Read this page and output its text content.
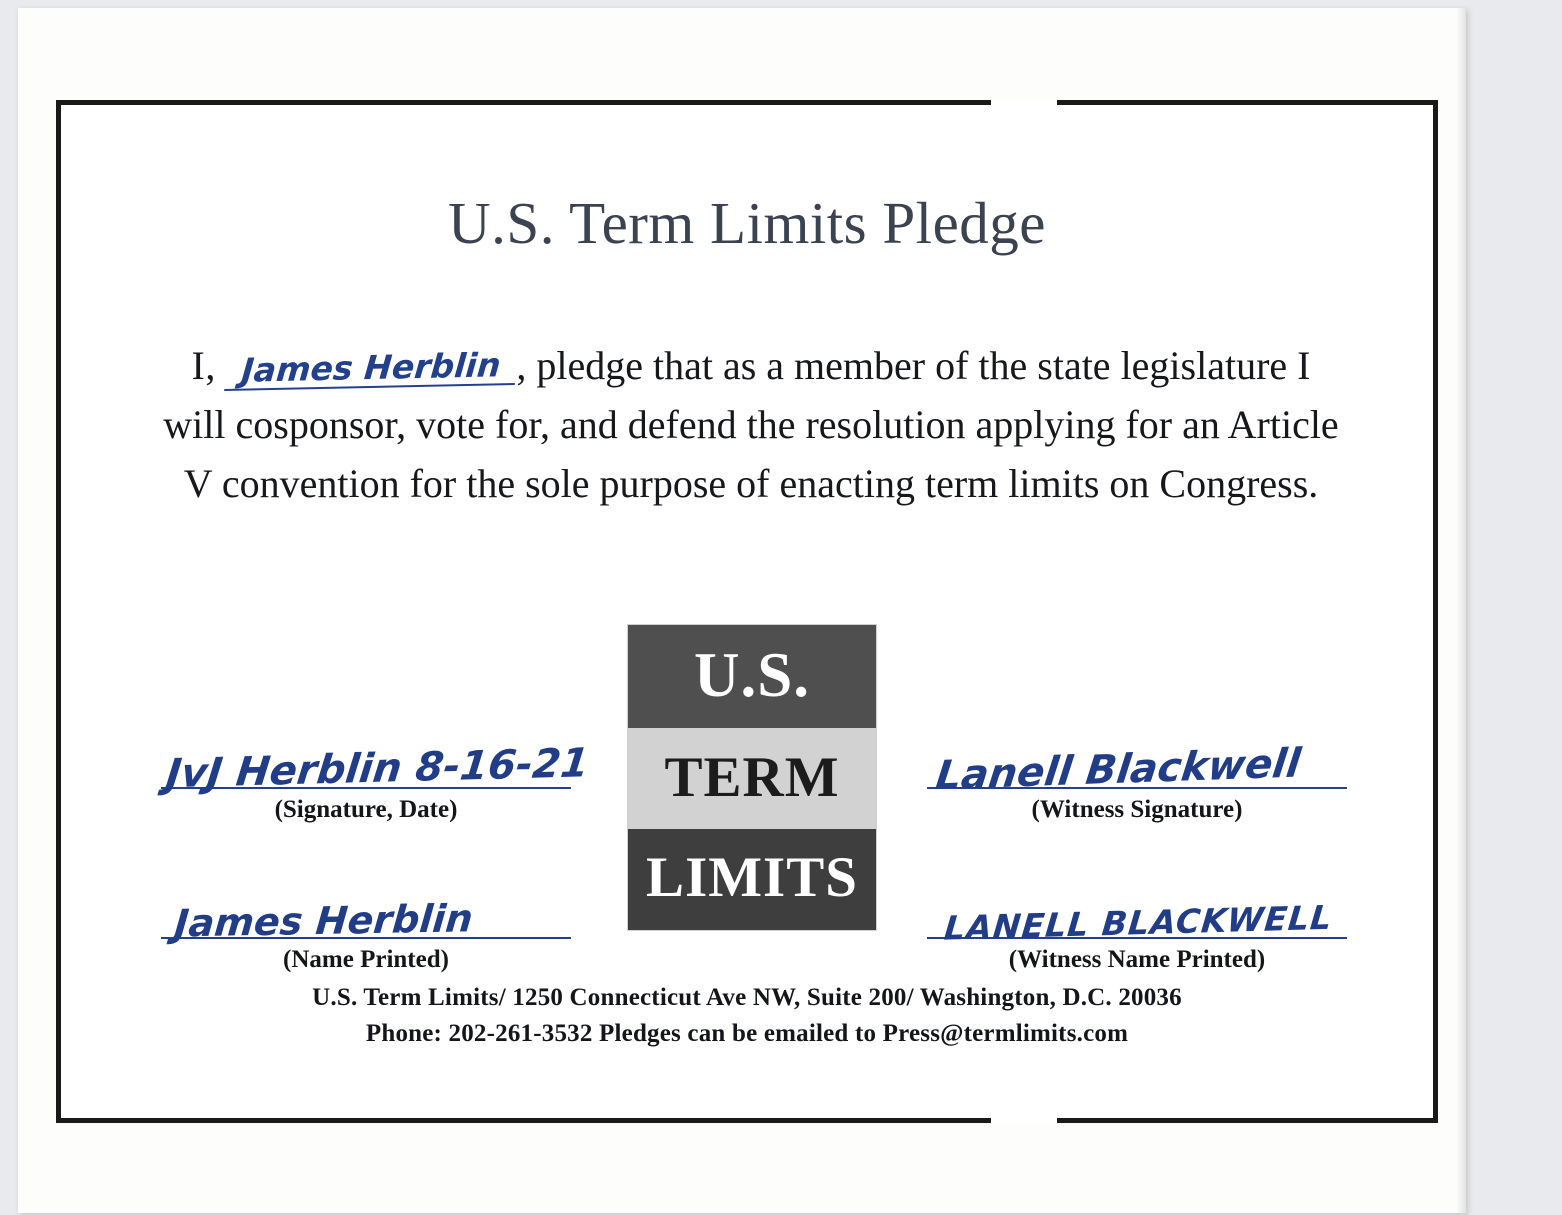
U.S. Term Limits Pledge
I, James Herblin , pledge that as a member of the state legislature I will cosponsor, vote for, and defend the resolution applying for an Article V convention for the sole purpose of enacting term limits on Congress.
U.S.
TERM
LIMITS
JvJ Herblin 8-16-21
(Signature, Date)
James Herblin
(Name Printed)
Lanell Blackwell
(Witness Signature)
LANELL BLACKWELL
(Witness Name Printed)
U.S. Term Limits/ 1250 Connecticut Ave NW, Suite 200/ Washington, D.C. 20036
Phone: 202-261-3532 Pledges can be emailed to Press@termlimits.com
